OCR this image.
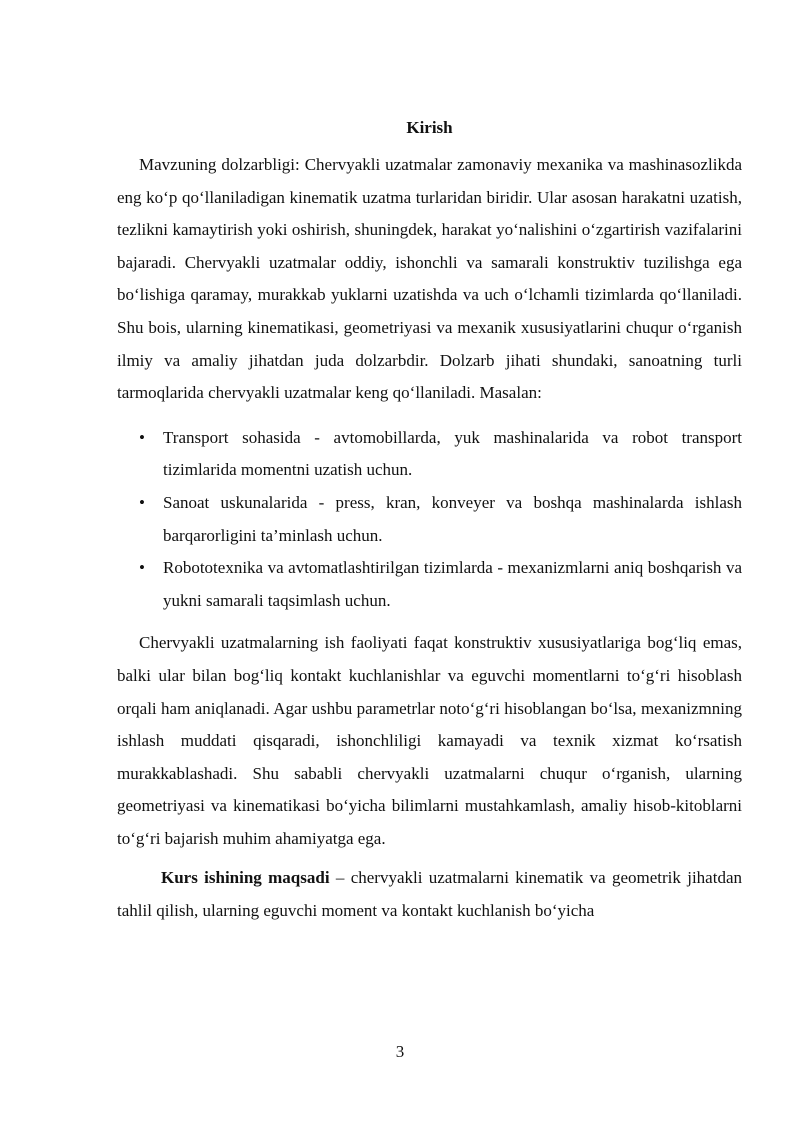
Kirish

Mavzuning dolzarbligi: Chervyakli uzatmalar zamonaviy mexanika va mashinasozlikda eng ko‘p qo‘llaniladigan kinematik uzatma turlaridan biridir. Ular asosan harakatni uzatish, tezlikni kamaytirish yoki oshirish, shuningdek, harakat yo‘nalishini o‘zgartirish vazifalarini bajaradi. Chervyakli uzatmalar oddiy, ishonchli va samarali konstruktiv tuzilishga ega bo‘lishiga qaramay, murakkab yuklarni uzatishda va uch o‘lchamli tizimlarda qo‘llaniladi. Shu bois, ularning kinematikasi, geometriyasi va mexanik xususiyatlarini chuqur o‘rganish ilmiy va amaliy jihatdan juda dolzarbdir. Dolzarb jihati shundaki, sanoatning turli tarmoqlarida chervyakli uzatmalar keng qo‘llaniladi. Masalan:

• Transport sohasida - avtomobillarda, yuk mashinalarida va robot transport tizimlarida momentni uzatish uchun.
• Sanoat uskunalarida - press, kran, konveyer va boshqa mashinalarda ishlash barqarorligini ta’minlash uchun.
• Robototexnika va avtomatlashtirilgan tizimlarda - mexanizmlarni aniq boshqarish va yukni samarali taqsimlash uchun.

Chervyakli uzatmalarning ish faoliyati faqat konstruktiv xususiyatlariga bog‘liq emas, balki ular bilan bog‘liq kontakt kuchlanishlar va eguvchi momentlarni to‘g‘ri hisoblash orqali ham aniqlanadi. Agar ushbu parametrlar noto‘g‘ri hisoblangan bo‘lsa, mexanizmning ishlash muddati qisqaradi, ishonchliligi kamayadi va texnik xizmat ko‘rsatish murakkablashadi. Shu sababli chervyakli uzatmalarni chuqur o‘rganish, ularning geometriyasi va kinematikasi bo‘yicha bilimlarni mustahkamlash, amaliy hisob-kitoblarni to‘g‘ri bajarish muhim ahamiyatga ega.

Kurs ishining maqsadi – chervyakli uzatmalarni kinematik va geometrik jihatdan tahlil qilish, ularning eguvchi moment va kontakt kuchlanish bo‘yicha

3
